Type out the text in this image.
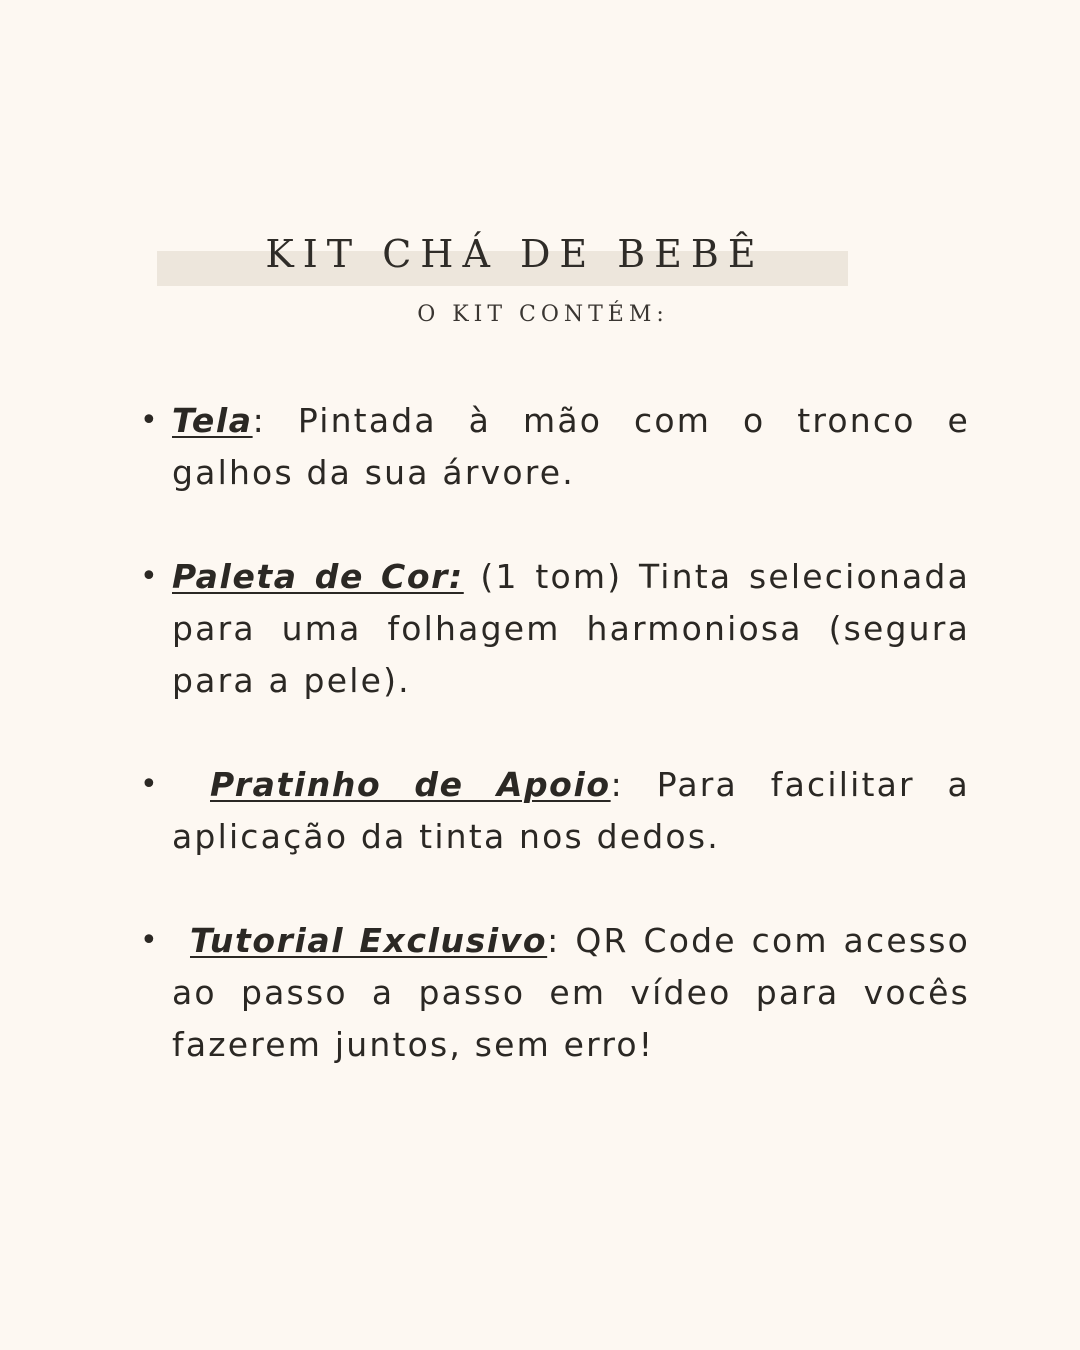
KIT CHÁ DE BEBÊ
O KIT CONTÉM:
• Tela: Pintada à mão com o tronco e galhos da sua árvore.
• Paleta de Cor: (1 tom) Tinta selecionada para uma folhagem harmoniosa (segura para a pele).
• Pratinho de Apoio: Para facilitar a aplicação da tinta nos dedos.
• Tutorial Exclusivo: QR Code com acesso ao passo a passo em vídeo para vocês fazerem juntos, sem erro!
